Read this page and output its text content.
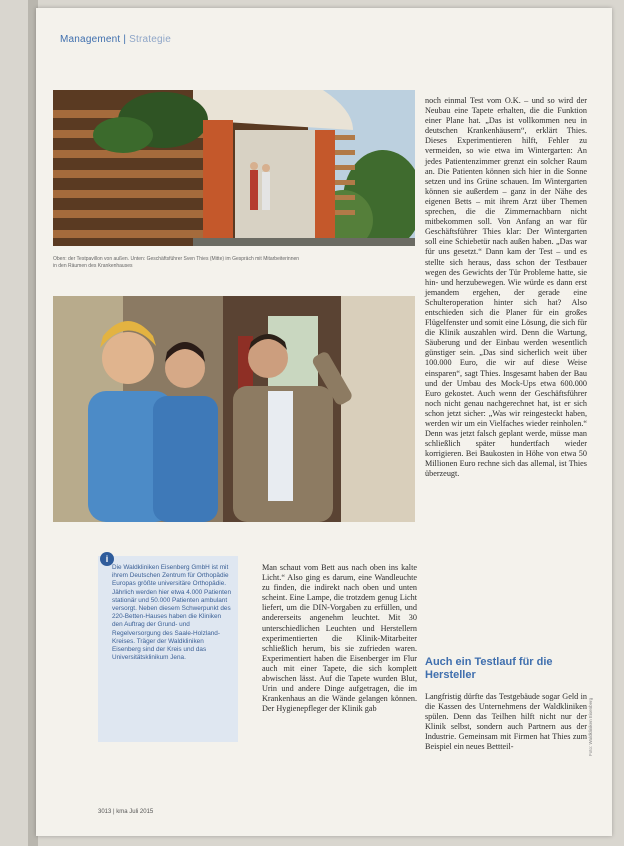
Management | Strategie
Oben: der Testpavillon von außen. Unten: Geschäftsführer Sven Thies (Mitte) im Gespräch mit Mitarbeiterinnen in den Räumen des Krankenhauses
noch einmal Test vom O.K. – und so wird der Neubau eine Tapete erhalten, die die Funktion einer Plane hat. „Das ist vollkommen neu in deutschen Krankenhäusern“, erklärt Thies. Dieses Experimentieren hilft, Fehler zu vermeiden, so wie etwa im Wintergarten: An jedes Patientenzimmer grenzt ein solcher Raum an. Die Patienten können sich hier in die Sonne setzen und ins Grüne schauen. Im Wintergarten können sie außerdem – ganz in der Nähe des eigenen Betts – mit ihrem Arzt über Themen sprechen, die die Zimmernachbarn nicht mitbekommen soll. Von Anfang an war für Geschäftsführer Thies klar: Der Wintergarten soll eine Schiebetür nach außen haben. „Das war für uns gesetzt.“ Dann kam der Test – und es stellte sich heraus, dass schon der Testbauer wegen des Gewichts der Tür Probleme hatte, sie hin- und herzubewegen. Wie würde es dann erst jemandem ergehen, der gerade eine Schulteroperation hinter sich hat? Also entschieden sich die Planer für ein großes Flügelfenster und somit eine Lösung, die sich für die Klinik auszahlen wird. Denn die Wartung, Säuberung und der Einbau werden wesentlich günstiger sein. „Das sind sicherlich weit über 100.000 Euro, die wir auf diese Weise einsparen“, sagt Thies. Insgesamt haben der Bau und der Umbau des Mock-Ups etwa 600.000 Euro gekostet. Auch wenn der Geschäftsführer noch nicht genau nachgerechnet hat, ist er sich schon jetzt sicher: „Was wir reingesteckt haben, werden wir um ein Vielfaches wieder reinholen.“ Denn was jetzt falsch geplant werde, müsse man schließlich später hundertfach wieder korrigieren. Bei Baukosten in Höhe von etwa 50 Millionen Euro rechne sich das allemal, ist Thies überzeugt.
Auch ein Testlauf für die Hersteller
Langfristig dürfte das Testgebäude sogar Geld in die Kassen des Unternehmens der Waldkliniken spülen. Denn das Teilhen hilft nicht nur der Klinik selbst, sondern auch Partnern aus der Industrie. Gemeinsam mit Firmen hat Thies zum Beispiel ein neues Bettteil-
Man schaut vom Bett aus nach oben ins kalte Licht.“ Also ging es darum, eine Wandleuchte zu finden, die indirekt nach oben und unten scheint. Eine Lampe, die trotzdem genug Licht liefert, um die DIN-Vorgaben zu erfüllen, und andererseits angenehm leuchtet. Mit 30 unterschiedlichen Leuchten und Herstellern experimentierten die Klinik-Mitarbeiter schließlich herum, bis sie zufrieden waren. Experimentiert haben die Eisenberger im Flur auch mit einer Tapete, die sich komplett abwischen lässt. Auf die Tapete wurden Blut, Urin und andere Dinge aufgetragen, die im Krankenhaus an die Wände gelangen können. Der Hygienepfleger der Klinik gab
Die Waldkliniken Eisenberg GmbH ist mit ihrem Deutschen Zentrum für Orthopädie Europas größte universitäre Orthopädie. Jährlich werden hier etwa 4.000 Patienten stationär und 50.000 Patienten ambulant versorgt. Neben diesem Schwerpunkt des 220-Betten-Hauses haben die Kliniken den Auftrag der Grund- und Regelversorgung des Saale-Holzland-Kreises. Träger der Waldkliniken Eisenberg sind der Kreis und das Universitätsklinikum Jena.
i
3013 | kma Juli 2015
Foto: Waldkliniken Eisenberg
